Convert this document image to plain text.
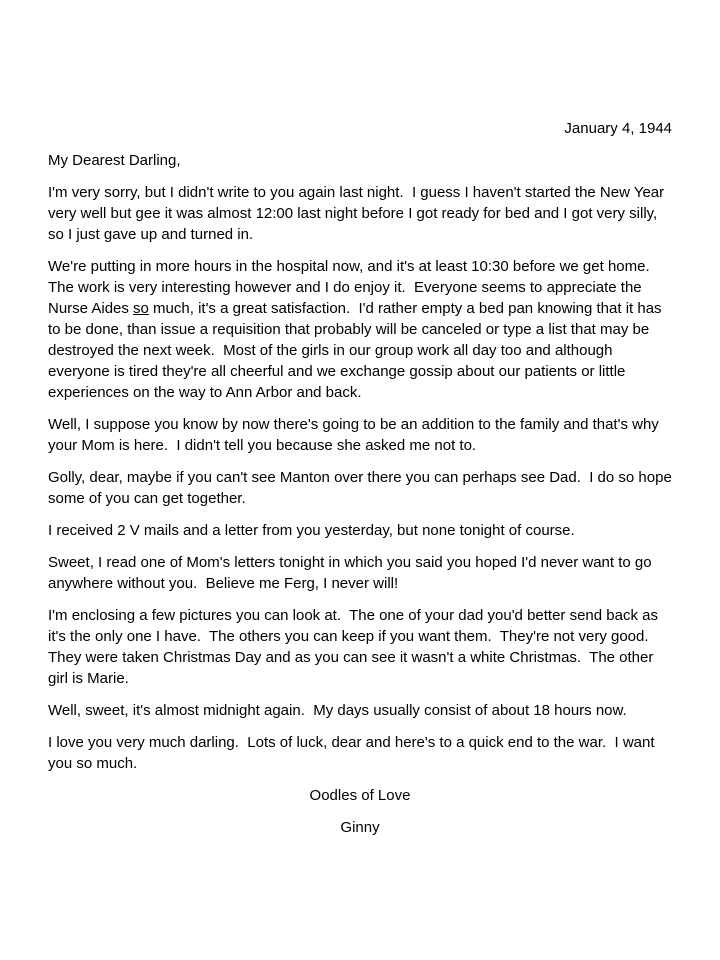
January 4, 1944

My Dearest Darling,

I'm very sorry, but I didn't write to you again last night.  I guess I haven't started the New Year very well but gee it was almost 12:00 last night before I got ready for bed and I got very silly, so I just gave up and turned in.

We're putting in more hours in the hospital now, and it's at least 10:30 before we get home.  The work is very interesting however and I do enjoy it.  Everyone seems to appreciate the Nurse Aides so much, it's a great satisfaction.  I'd rather empty a bed pan knowing that it has to be done, than issue a requisition that probably will be canceled or type a list that may be destroyed the next week.  Most of the girls in our group work all day too and although everyone is tired they're all cheerful and we exchange gossip about our patients or little experiences on the way to Ann Arbor and back.

Well, I suppose you know by now there's going to be an addition to the family and that's why your Mom is here.  I didn't tell you because she asked me not to.

Golly, dear, maybe if you can't see Manton over there you can perhaps see Dad.  I do so hope some of you can get together.

I received 2 V mails and a letter from you yesterday, but none tonight of course.

Sweet, I read one of Mom's letters tonight in which you said you hoped I'd never want to go anywhere without you.  Believe me Ferg, I never will!

I'm enclosing a few pictures you can look at.  The one of your dad you'd better send back as it's the only one I have.  The others you can keep if you want them.  They're not very good.  They were taken Christmas Day and as you can see it wasn't a white Christmas.  The other girl is Marie.

Well, sweet, it's almost midnight again.  My days usually consist of about 18 hours now.

I love you very much darling.  Lots of luck, dear and here's to a quick end to the war.  I want you so much.

Oodles of Love

Ginny
